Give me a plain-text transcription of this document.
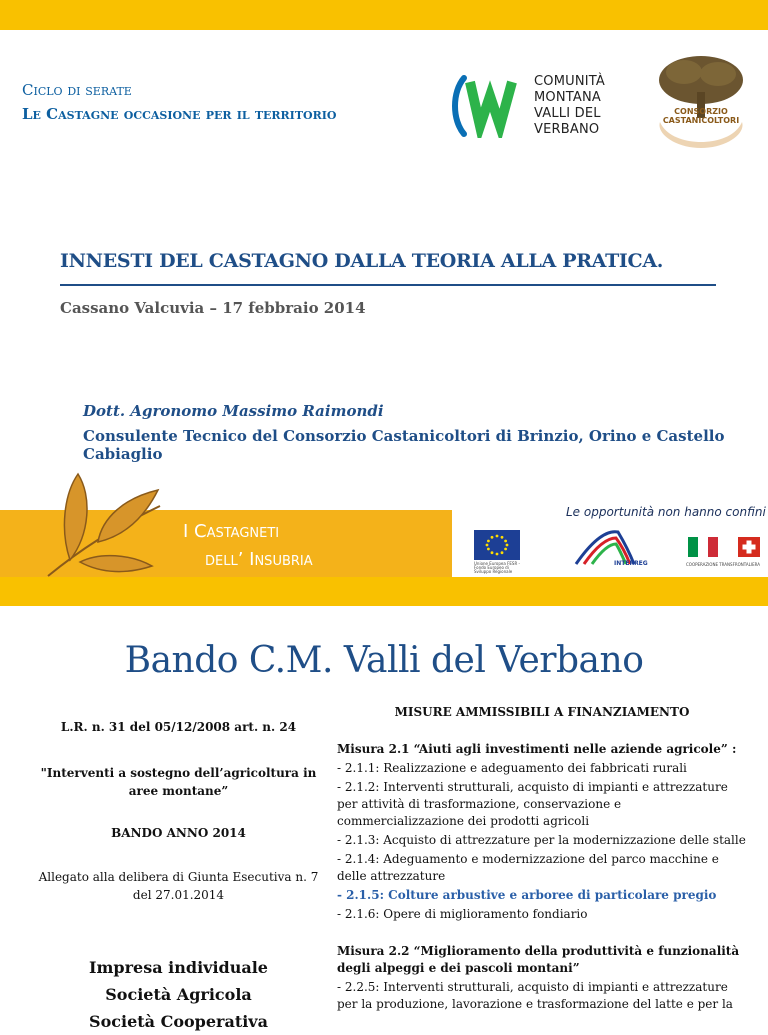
Ciclo di serate
Le Castagne occasione per il territorio
COMUNITÀ
MONTANA
VALLI DEL
VERBANO
CONSORZIO
CASTANICOLTORI
INNESTI DEL CASTAGNO DALLA TEORIA ALLA PRATICA.
Cassano Valcuvia – 17 febbraio 2014
Dott. Agronomo Massimo Raimondi
Consulente Tecnico del Consorzio Castanicoltori di Brinzio, Orino e Castello Cabiaglio
I Castagneti
dell’ Insubria
Le opportunità non hanno confini
Unione Europea FESR - Fondo Europeo di Sviluppo Regionale
INTERREG	COOPERAZIONE TRANSFRONTALIERA
Bando C.M. Valli del Verbano
L.R. n. 31 del 05/12/2008 art. n. 24
"Interventi a sostegno dell’agricoltura in aree montane”
BANDO ANNO 2014
Allegato alla delibera di Giunta Esecutiva n. 7 del 27.01.2014
Impresa individuale
Società Agricola
Società Cooperativa
MISURE AMMISSIBILI A FINANZIAMENTO
Misura 2.1 “Aiuti agli investimenti nelle aziende agricole” :
- 2.1.1: Realizzazione e adeguamento dei fabbricati rurali
- 2.1.2: Interventi strutturali, acquisto di impianti e attrezzature per attività di trasformazione, conservazione e commercializzazione dei prodotti agricoli
- 2.1.3: Acquisto di attrezzature per la modernizzazione delle stalle
- 2.1.4: Adeguamento e modernizzazione del parco macchine e delle attrezzature
- 2.1.5: Colture arbustive e arboree di particolare pregio
- 2.1.6: Opere di miglioramento fondiario
Misura 2.2 “Miglioramento della produttività e funzionalità degli alpeggi e dei pascoli montani”
- 2.2.5: Interventi strutturali, acquisto di impianti e attrezzature per la produzione, lavorazione e trasformazione del latte e per la
